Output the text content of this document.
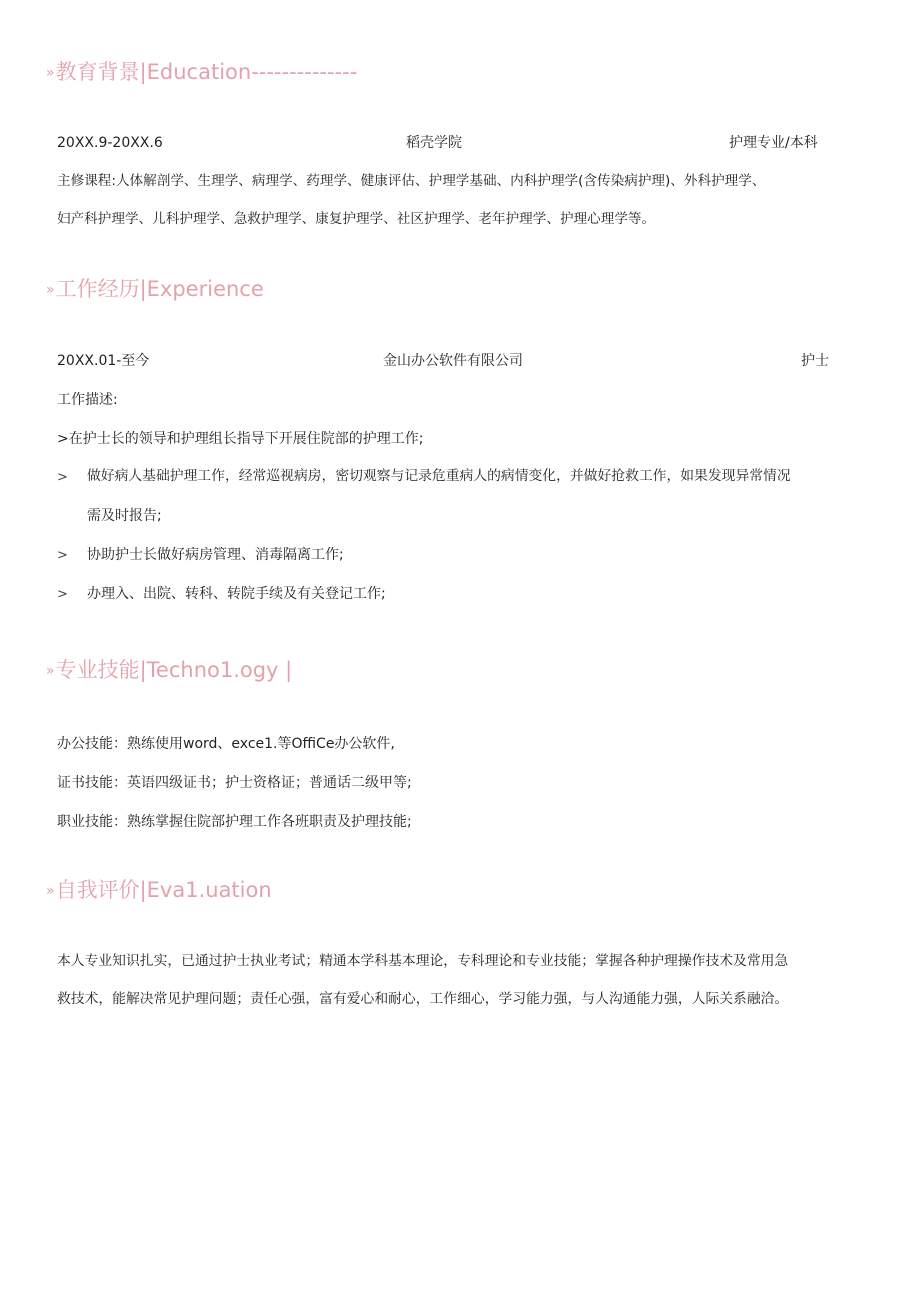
»教育背景|Education--------------
20XX.9-20XX.6	稻壳学院	护理专业/本科
主修课程:人体解剖学、生理学、病理学、药理学、健康评估、护理学基础、内科护理学(含传染病护理)、外科护理学、
妇产科护理学、儿科护理学、急救护理学、康复护理学、社区护理学、老年护理学、护理心理学等。
»工作经历|Experience
20XX.01-至今	金山办公软件有限公司	护士
工作描述:
>在护士长的领导和护理组长指导下开展住院部的护理工作;
> 做好病人基础护理工作，经常巡视病房，密切观察与记录危重病人的病情变化，并做好抢救工作，如果发现异常情况
需及时报告;
> 协助护士长做好病房管理、消毒隔离工作;
> 办理入、出院、转科、转院手续及有关登记工作;
»专业技能|Techno1.ogy |
办公技能：熟练使用word、exce1.等OffiCe办公软件,
证书技能：英语四级证书；护士资格证；普通话二级甲等;
职业技能：熟练掌握住院部护理工作各班职责及护理技能;
»自我评价|Eva1.uation
本人专业知识扎实，已通过护士执业考试；精通本学科基本理论，专科理论和专业技能；掌握各种护理操作技术及常用急
救技术，能解决常见护理问题；责任心强，富有爱心和耐心，工作细心，学习能力强，与人沟通能力强，人际关系融洽。
